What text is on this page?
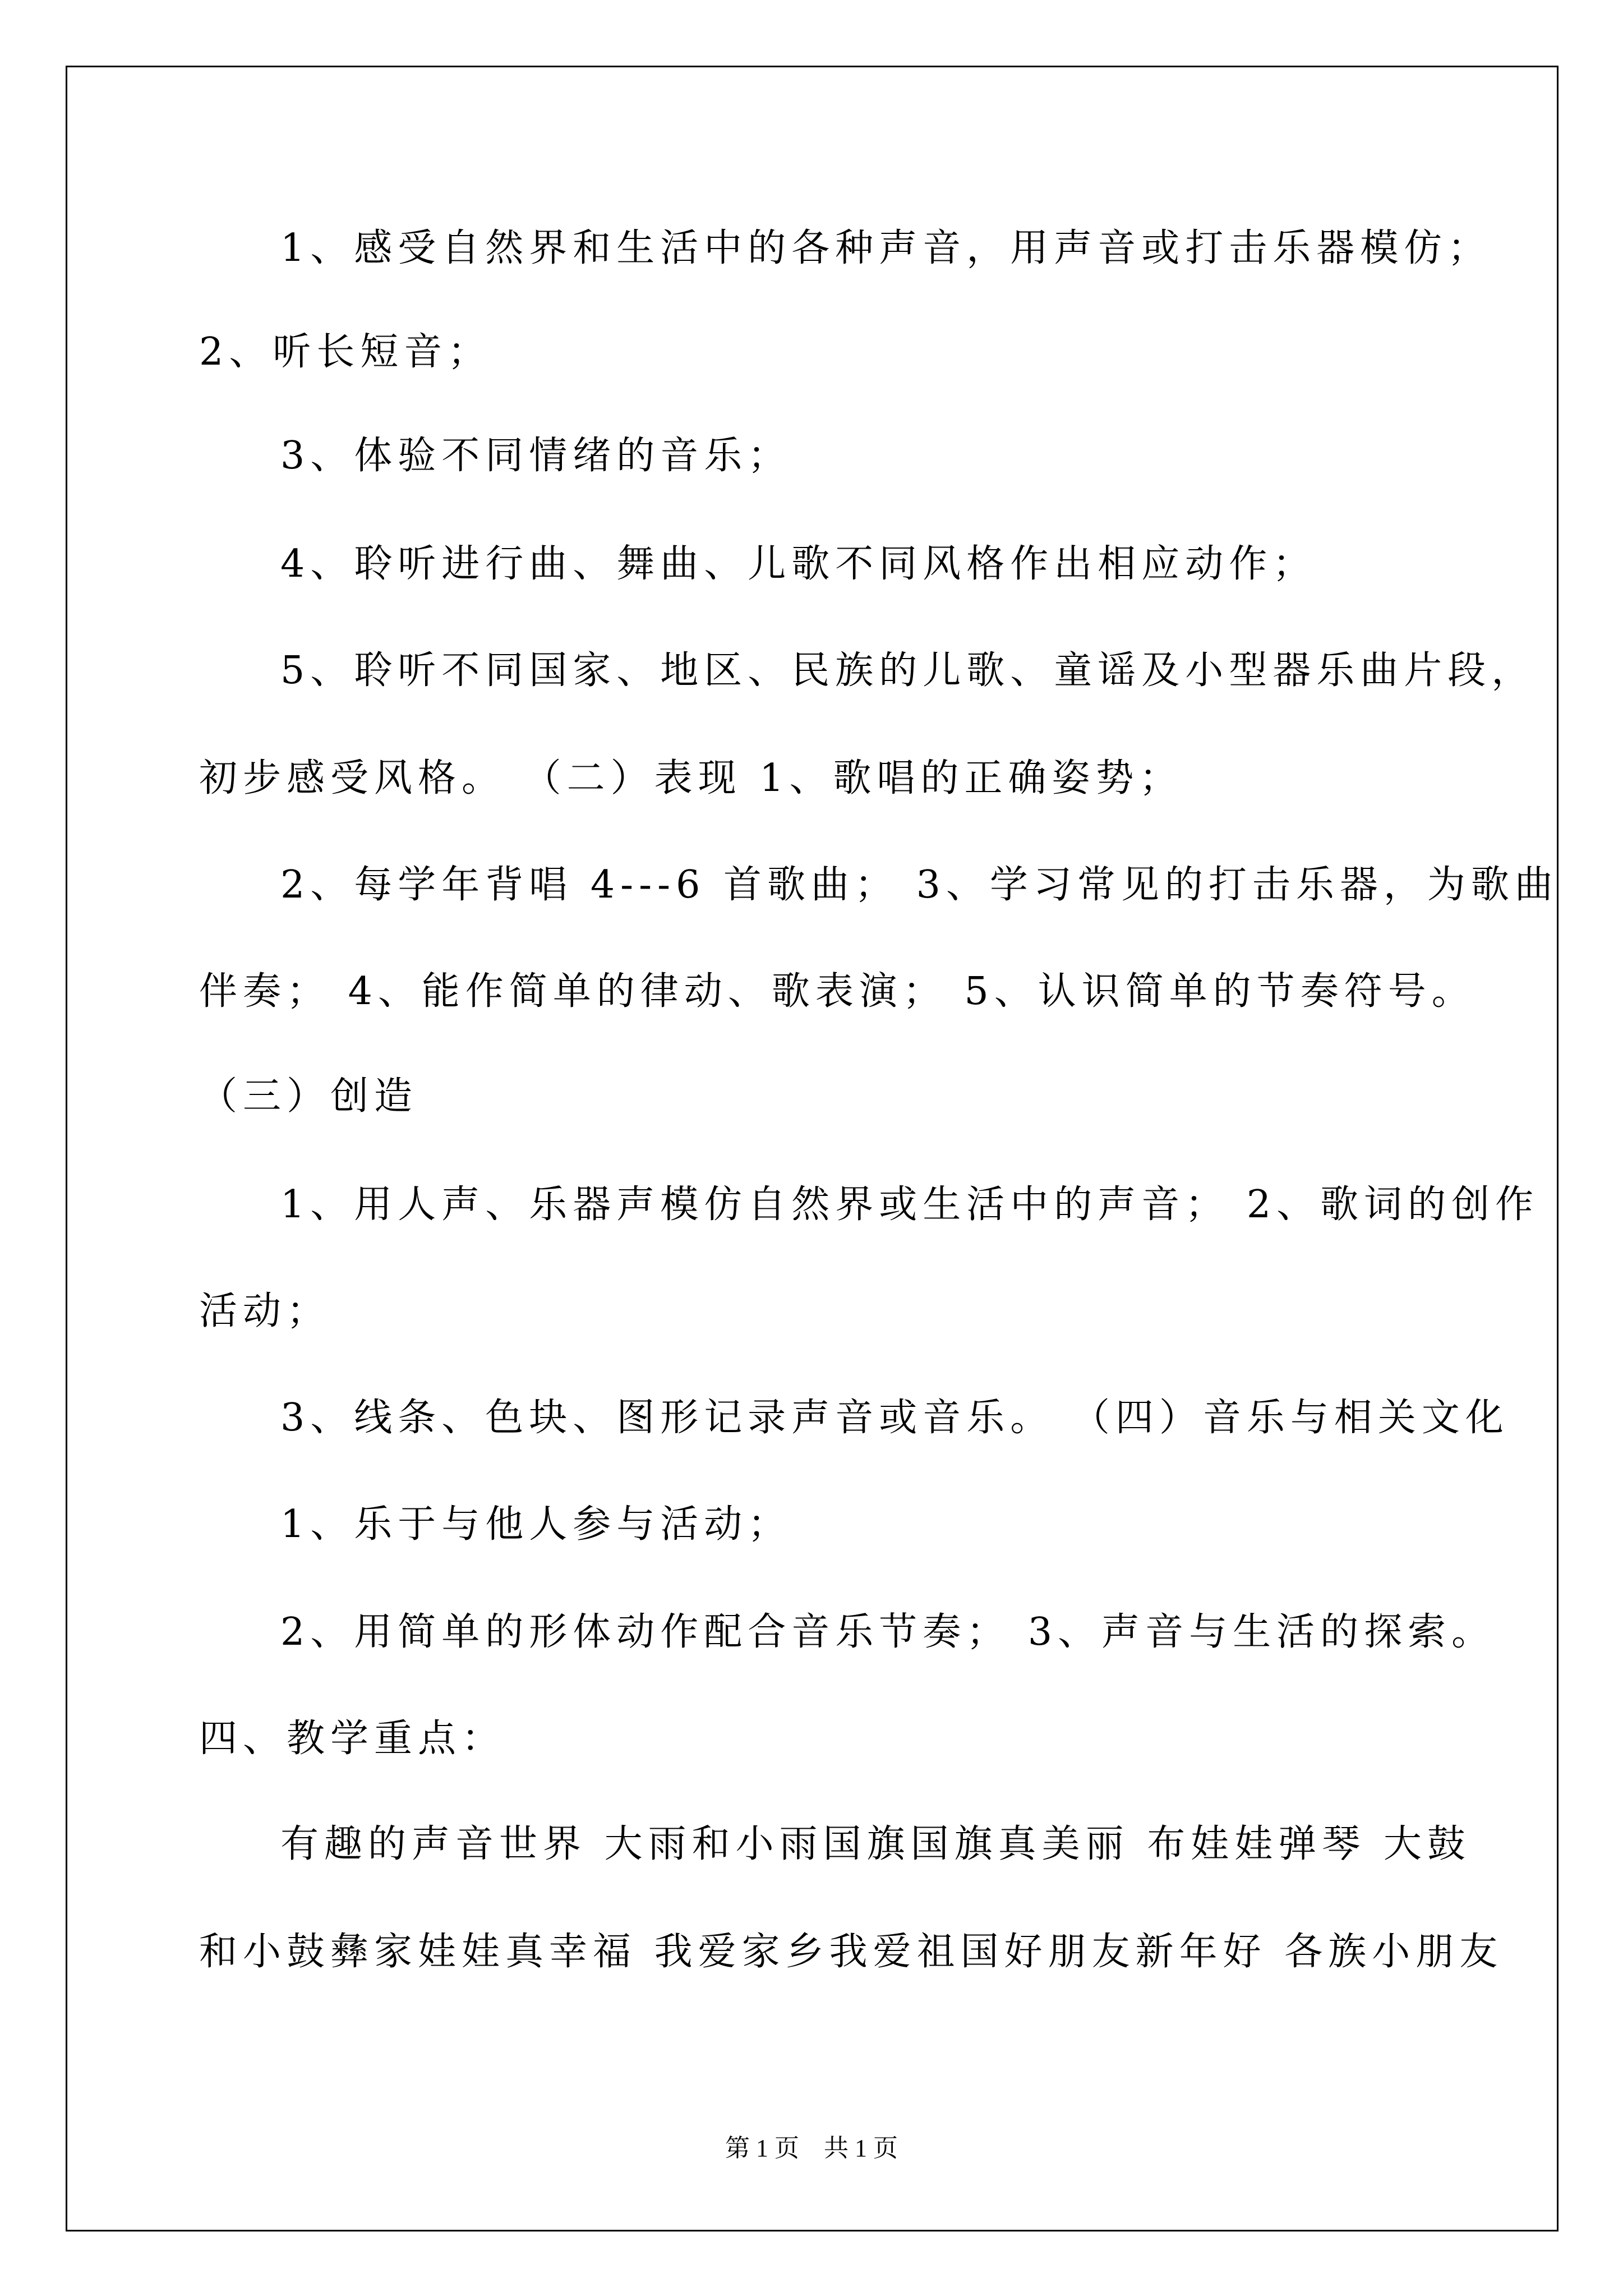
1、感受自然界和生活中的各种声音，用声音或打击乐器模仿；
2、听长短音；
3、体验不同情绪的音乐；
4、聆听进行曲、舞曲、儿歌不同风格作出相应动作；
5、聆听不同国家、地区、民族的儿歌、童谣及小型器乐曲片段，
初步感受风格。 （二）表现 1、歌唱的正确姿势；
2、每学年背唱 4---6 首歌曲； 3、学习常见的打击乐器，为歌曲
伴奏； 4、能作简单的律动、歌表演； 5、认识简单的节奏符号。
（三）创造
1、用人声、乐器声模仿自然界或生活中的声音； 2、歌词的创作
活动；
3、线条、色块、图形记录声音或音乐。 （四）音乐与相关文化
1、乐于与他人参与活动；
2、用简单的形体动作配合音乐节奏； 3、声音与生活的探索。
四、教学重点：
有趣的声音世界 大雨和小雨国旗国旗真美丽 布娃娃弹琴 大鼓
和小鼓彝家娃娃真幸福 我爱家乡我爱祖国好朋友新年好 各族小朋友
第 1 页    共 1 页
